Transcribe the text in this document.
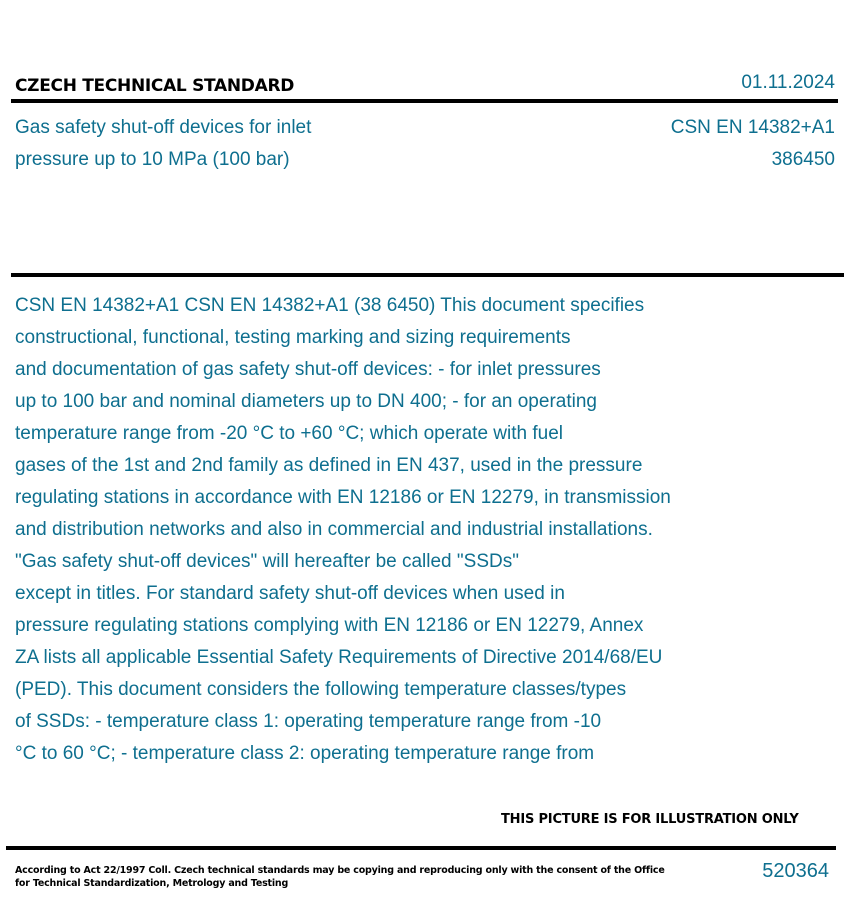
CZECH TECHNICAL STANDARD	01.11.2024
Gas safety shut-off devices for inlet
pressure up to 10 MPa (100 bar)
CSN EN 14382+A1
386450
CSN EN 14382+A1 CSN EN 14382+A1 (38 6450) This document specifies
constructional, functional, testing marking and sizing requirements
and documentation of gas safety shut-off devices: - for inlet pressures
up to 100 bar and nominal diameters up to DN 400; - for an operating
temperature range from -20 °C to +60 °C; which operate with fuel
gases of the 1st and 2nd family as defined in EN 437, used in the pressure
regulating stations in accordance with EN 12186 or EN 12279, in transmission
and distribution networks and also in commercial and industrial installations.
"Gas safety shut-off devices" will hereafter be called "SSDs"
except in titles. For standard safety shut-off devices when used in
pressure regulating stations complying with EN 12186 or EN 12279, Annex
ZA lists all applicable Essential Safety Requirements of Directive 2014/68/EU
(PED). This document considers the following temperature classes/types
of SSDs: - temperature class 1: operating temperature range from -10
°C to 60 °C; - temperature class 2: operating temperature range from
THIS PICTURE IS FOR ILLUSTRATION ONLY
According to Act 22/1997 Coll. Czech technical standards may be copying and reproducing only with the consent of the Office
for Technical Standardization, Metrology and Testing
520364
